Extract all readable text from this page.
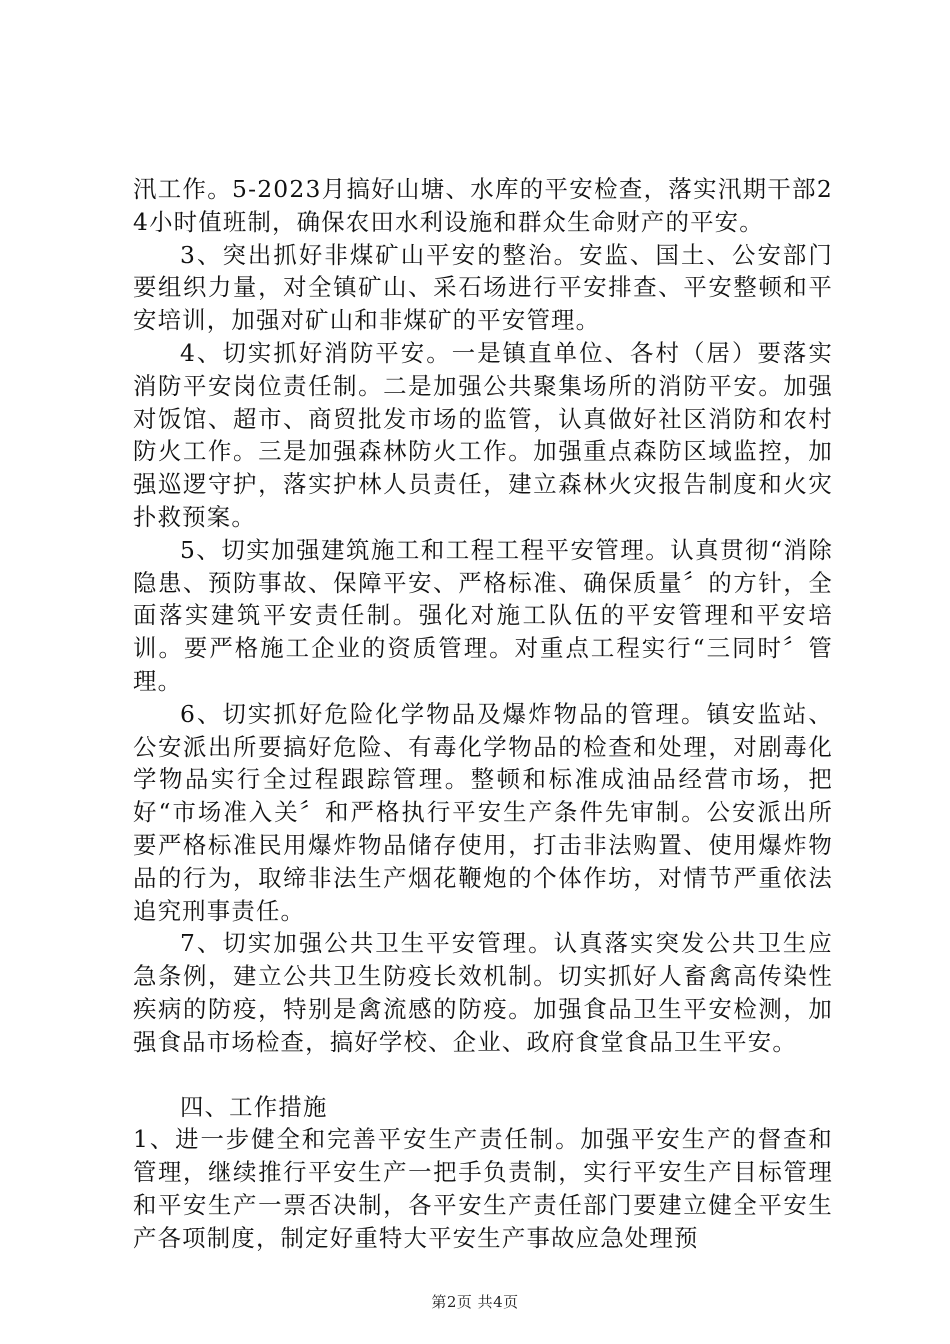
汛工作。5-2023月搞好山塘、水库的平安检查，落实汛期干部24小时值班制，确保农田水利设施和群众生命财产的平安。

3、突出抓好非煤矿山平安的整治。安监、国土、公安部门要组织力量，对全镇矿山、采石场进行平安排查、平安整顿和平安培训，加强对矿山和非煤矿的平安管理。

4、切实抓好消防平安。一是镇直单位、各村（居）要落实消防平安岗位责任制。二是加强公共聚集场所的消防平安。加强对饭馆、超市、商贸批发市场的监管，认真做好社区消防和农村防火工作。三是加强森林防火工作。加强重点森防区域监控，加强巡逻守护，落实护林人员责任，建立森林火灾报告制度和火灾扑救预案。

5、切实加强建筑施工和工程工程平安管理。认真贯彻“消除隐患、预防事故、保障平安、严格标准、确保质量〞的方针，全面落实建筑平安责任制。强化对施工队伍的平安管理和平安培训。要严格施工企业的资质管理。对重点工程实行“三同时〞管理。

6、切实抓好危险化学物品及爆炸物品的管理。镇安监站、公安派出所要搞好危险、有毒化学物品的检查和处理，对剧毒化学物品实行全过程跟踪管理。整顿和标准成油品经营市场，把好“市场准入关〞和严格执行平安生产条件先审制。公安派出所要严格标准民用爆炸物品储存使用，打击非法购置、使用爆炸物品的行为，取缔非法生产烟花鞭炮的个体作坊，对情节严重依法追究刑事责任。

7、切实加强公共卫生平安管理。认真落实突发公共卫生应急条例，建立公共卫生防疫长效机制。切实抓好人畜禽高传染性疾病的防疫，特别是禽流感的防疫。加强食品卫生平安检测，加强食品市场检查，搞好学校、企业、政府食堂食品卫生平安。

四、工作措施

1、进一步健全和完善平安生产责任制。加强平安生产的督查和管理，继续推行平安生产一把手负责制，实行平安生产目标管理和平安生产一票否决制，各平安生产责任部门要建立健全平安生产各项制度，制定好重特大平安生产事故应急处理预

第2页 共4页
